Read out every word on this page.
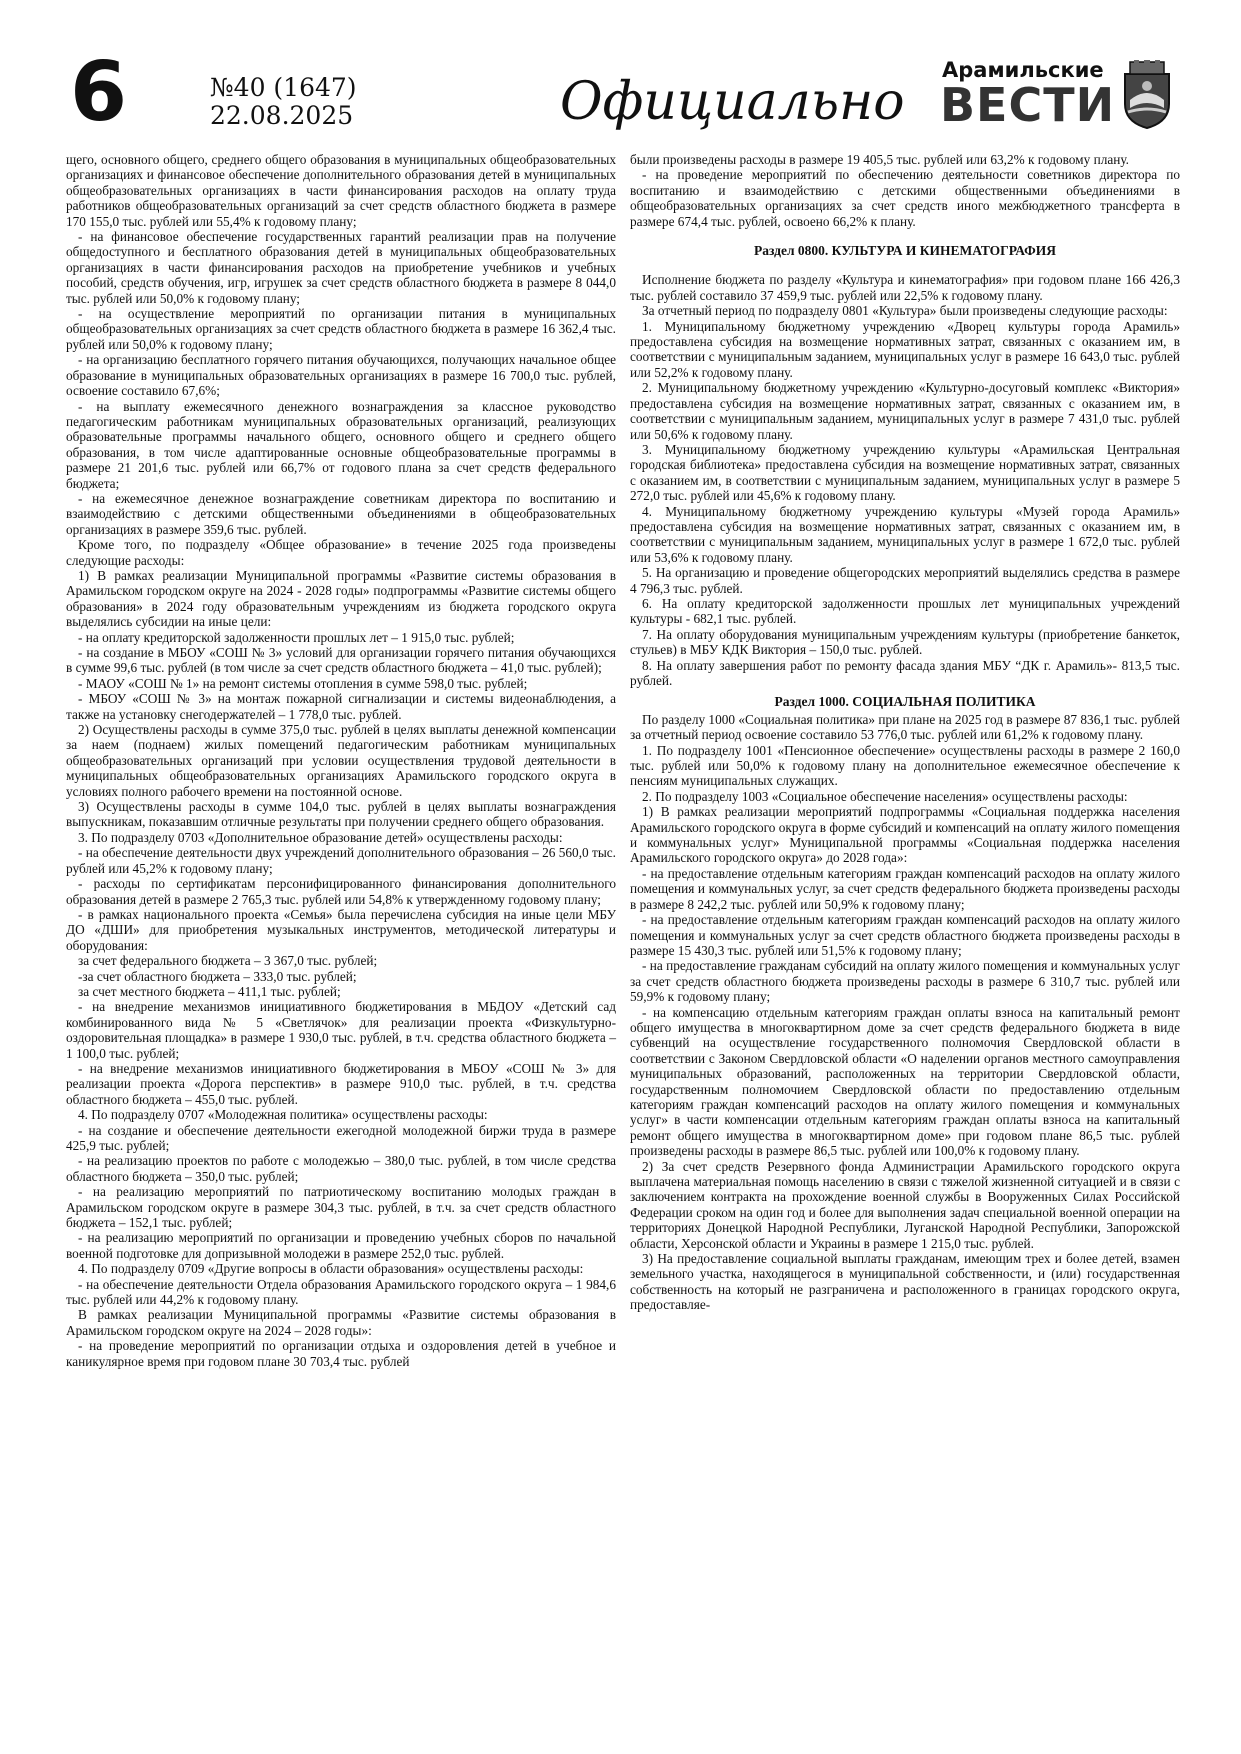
6	№40 (1647)
22.08.2025	Официально
Арамильские
ВЕСТИ

щего, основного общего, среднего общего образования в муниципальных общеобразовательных организациях и финансовое обеспечение дополнительного образования детей в муниципальных общеобразовательных организациях в части финансирования расходов на оплату труда работников общеобразовательных организаций за счет средств областного бюджета в размере 170 155,0 тыс. рублей или 55,4% к годовому плану;

- на финансовое обеспечение государственных гарантий реализации прав на получение общедоступного и бесплатного образования детей в муниципальных общеобразовательных организациях в части финансирования расходов на приобретение учебников и учебных пособий, средств обучения, игр, игрушек за счет средств областного бюджета в размере 8 044,0 тыс. рублей или 50,0% к годовому плану;

- на осуществление мероприятий по организации питания в муниципальных общеобразовательных организациях за счет средств областного бюджета в размере 16 362,4 тыс. рублей или 50,0% к годовому плану;

- на организацию бесплатного горячего питания обучающихся, получающих начальное общее образование в муниципальных образовательных организациях в размере 16 700,0 тыс. рублей, освоение составило 67,6%;

- на выплату ежемесячного денежного вознаграждения за классное руководство педагогическим работникам муниципальных образовательных организаций, реализующих образовательные программы начального общего, основного общего и среднего общего образования, в том числе адаптированные основные общеобразовательные программы в размере 21 201,6 тыс. рублей или 66,7% от годового плана за счет средств федерального бюджета;

- на ежемесячное денежное вознаграждение советникам директора по воспитанию и взаимодействию с детскими общественными объединениями в общеобразовательных организациях в размере 359,6 тыс. рублей.

Кроме того, по подразделу «Общее образование» в течение 2025 года произведены следующие расходы:

1) В рамках реализации Муниципальной программы «Развитие системы образования в Арамильском городском округе на 2024 - 2028 годы» подпрограммы «Развитие системы общего образования» в 2024 году образовательным учреждениям из бюджета городского округа выделялись субсидии на иные цели:

- на оплату кредиторской задолженности прошлых лет – 1 915,0 тыс. рублей;

- на создание в МБОУ «СОШ № 3» условий для организации горячего питания обучающихся в сумме 99,6 тыс. рублей (в том числе за счет средств областного бюджета – 41,0 тыс. рублей);

- МАОУ «СОШ № 1» на ремонт системы отопления в сумме 598,0 тыс. рублей;

- МБОУ «СОШ № 3» на монтаж пожарной сигнализации и системы видеонаблюдения, а также на установку снегодержателей – 1 778,0 тыс. рублей.

2) Осуществлены расходы в сумме 375,0 тыс. рублей в целях выплаты денежной компенсации за наем (поднаем) жилых помещений педагогическим работникам муниципальных общеобразовательных организаций при условии осуществления трудовой деятельности в муниципальных общеобразовательных организациях Арамильского городского округа в условиях полного рабочего времени на постоянной основе.

3) Осуществлены расходы в сумме 104,0 тыс. рублей в целях выплаты вознаграждения выпускникам, показавшим отличные результаты при получении среднего общего образования.

3. По подразделу 0703 «Дополнительное образование детей» осуществлены расходы:

- на обеспечение деятельности двух учреждений дополнительного образования – 26 560,0 тыс. рублей или 45,2% к годовому плану;

- расходы по сертификатам персонифицированного финансирования дополнительного образования детей в размере 2 765,3 тыс. рублей или 54,8% к утвержденному годовому плану;

- в рамках национального проекта «Семья» была перечислена субсидия на иные цели МБУ ДО «ДШИ» для приобретения музыкальных инструментов, методической литературы и оборудования:

за счет федерального бюджета – 3 367,0 тыс. рублей;

-за счет областного бюджета – 333,0 тыс. рублей;

за счет местного бюджета – 411,1 тыс. рублей;

- на внедрение механизмов инициативного бюджетирования в МБДОУ «Детский сад комбинированного вида № 5 «Светлячок» для реализации проекта «Физкультурно-оздоровительная площадка» в размере 1 930,0 тыс. рублей, в т.ч. средства областного бюджета – 1 100,0 тыс. рублей;

- на внедрение механизмов инициативного бюджетирования в МБОУ «СОШ № 3» для реализации проекта «Дорога перспектив» в размере 910,0 тыс. рублей, в т.ч. средства областного бюджета – 455,0 тыс. рублей.

4. По подразделу 0707 «Молодежная политика» осуществлены расходы:

- на создание и обеспечение деятельности ежегодной молодежной биржи труда в размере 425,9 тыс. рублей;

- на реализацию проектов по работе с молодежью – 380,0 тыс. рублей, в том числе средства областного бюджета – 350,0 тыс. рублей;

- на реализацию мероприятий по патриотическому воспитанию молодых граждан в Арамильском городском округе в размере 304,3 тыс. рублей, в т.ч. за счет средств областного бюджета – 152,1 тыс. рублей;

- на реализацию мероприятий по организации и проведению учебных сборов по начальной военной подготовке для допризывной молодежи в размере 252,0 тыс. рублей.

4. По подразделу 0709 «Другие вопросы в области образования» осуществлены расходы:

- на обеспечение деятельности Отдела образования Арамильского городского округа – 1 984,6 тыс. рублей или 44,2% к годовому плану.

В рамках реализации Муниципальной программы «Развитие системы образования в Арамильском городском округе на 2024 – 2028 годы»:

- на проведение мероприятий по организации отдыха и оздоровления детей в учебное и каникулярное время при годовом плане 30 703,4 тыс. рублей

были произведены расходы в размере 19 405,5 тыс. рублей или 63,2% к годовому плану.

- на проведение мероприятий по обеспечению деятельности советников директора по воспитанию и взаимодействию с детскими общественными объединениями в общеобразовательных организациях за счет средств иного межбюджетного трансферта в размере 674,4 тыс. рублей, освоено 66,2% к плану.

Раздел 0800. КУЛЬТУРА И КИНЕМАТОГРАФИЯ

Исполнение бюджета по разделу «Культура и кинематография» при годовом плане 166 426,3 тыс. рублей составило 37 459,9 тыс. рублей или 22,5% к годовому плану.

За отчетный период по подразделу 0801 «Культура» были произведены следующие расходы:

1. Муниципальному бюджетному учреждению «Дворец культуры города Арамиль» предоставлена субсидия на возмещение нормативных затрат, связанных с оказанием им, в соответствии с муниципальным заданием, муниципальных услуг в размере 16 643,0 тыс. рублей или 52,2% к годовому плану.

2. Муниципальному бюджетному учреждению «Культурно-досуговый комплекс «Виктория» предоставлена субсидия на возмещение нормативных затрат, связанных с оказанием им, в соответствии с муниципальным заданием, муниципальных услуг в размере 7 431,0 тыс. рублей или 50,6% к годовому плану.

3. Муниципальному бюджетному учреждению культуры «Арамильская Центральная городская библиотека» предоставлена субсидия на возмещение нормативных затрат, связанных с оказанием им, в соответствии с муниципальным заданием, муниципальных услуг в размере 5 272,0 тыс. рублей или 45,6% к годовому плану.

4. Муниципальному бюджетному учреждению культуры «Музей города Арамиль» предоставлена субсидия на возмещение нормативных затрат, связанных с оказанием им, в соответствии с муниципальным заданием, муниципальных услуг в размере 1 672,0 тыс. рублей или 53,6% к годовому плану.

5. На организацию и проведение общегородских мероприятий выделялись средства в размере 4 796,3 тыс. рублей.

6. На оплату кредиторской задолженности прошлых лет муниципальных учреждений культуры - 682,1 тыс. рублей.

7. На оплату оборудования муниципальным учреждениям культуры (приобретение банкеток, стульев) в МБУ КДК Виктория – 150,0 тыс. рублей.

8. На оплату завершения работ по ремонту фасада здания МБУ “ДК г. Арамиль»- 813,5 тыс. рублей.

Раздел 1000. СОЦИАЛЬНАЯ ПОЛИТИКА

По разделу 1000 «Социальная политика» при плане на 2025 год в размере 87 836,1 тыс. рублей за отчетный период освоение составило 53 776,0 тыс. рублей или 61,2% к годовому плану.

1. По подразделу 1001 «Пенсионное обеспечение» осуществлены расходы в размере 2 160,0 тыс. рублей или 50,0% к годовому плану на дополнительное ежемесячное обеспечение к пенсиям муниципальных служащих.

2. По подразделу 1003 «Социальное обеспечение населения» осуществлены расходы:

1) В рамках реализации мероприятий подпрограммы «Социальная поддержка населения Арамильского городского округа в форме субсидий и компенсаций на оплату жилого помещения и коммунальных услуг» Муниципальной программы «Социальная поддержка населения Арамильского городского округа» до 2028 года»:

- на предоставление отдельным категориям граждан компенсаций расходов на оплату жилого помещения и коммунальных услуг, за счет средств федерального бюджета произведены расходы в размере 8 242,2 тыс. рублей или 50,9% к годовому плану;

- на предоставление отдельным категориям граждан компенсаций расходов на оплату жилого помещения и коммунальных услуг за счет средств областного бюджета произведены расходы в размере 15 430,3 тыс. рублей или 51,5% к годовому плану;

- на предоставление гражданам субсидий на оплату жилого помещения и коммунальных услуг за счет средств областного бюджета произведены расходы в размере 6 310,7 тыс. рублей или 59,9% к годовому плану;

- на компенсацию отдельным категориям граждан оплаты взноса на капитальный ремонт общего имущества в многоквартирном доме за счет средств федерального бюджета в виде субвенций на осуществление государственного полномочия Свердловской области в соответствии с Законом Свердловской области «О наделении органов местного самоуправления муниципальных образований, расположенных на территории Свердловской области, государственным полномочием Свердловской области по предоставлению отдельным категориям граждан компенсаций расходов на оплату жилого помещения и коммунальных услуг» в части компенсации отдельным категориям граждан оплаты взноса на капитальный ремонт общего имущества в многоквартирном доме» при годовом плане 86,5 тыс. рублей произведены расходы в размере 86,5 тыс. рублей или 100,0% к годовому плану.

2) За счет средств Резервного фонда Администрации Арамильского городского округа выплачена материальная помощь населению в связи с тяжелой жизненной ситуацией и в связи с заключением контракта на прохождение военной службы в Вооруженных Силах Российской Федерации сроком на один год и более для выполнения задач специальной военной операции на территориях Донецкой Народной Республики, Луганской Народной Республики, Запорожской области, Херсонской области и Украины в размере 1 215,0 тыс. рублей.

3) На предоставление социальной выплаты гражданам, имеющим трех и более детей, взамен земельного участка, находящегося в муниципальной собственности, и (или) государственная собственность на который не разграничена и расположенного в границах городского округа, предоставляе-
